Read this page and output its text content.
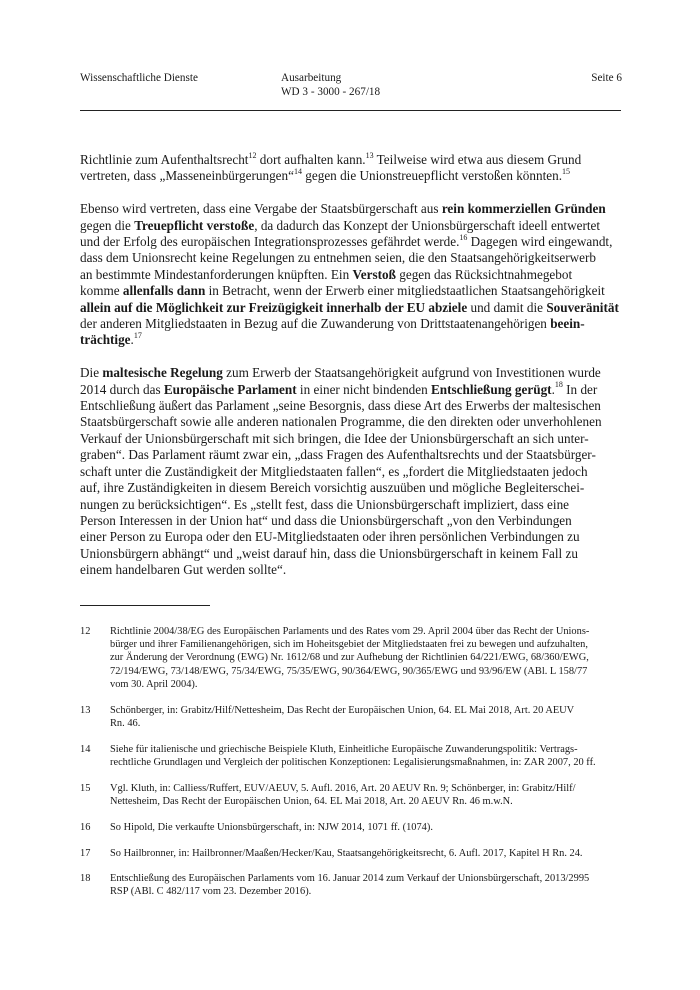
Wissenschaftliche Dienste	Ausarbeitung
WD 3 - 3000 - 267/18
Seite 6

Richtlinie zum Aufenthaltsrecht$^{12}$ dort aufhalten kann.$^{13}$ Teilweise wird etwa aus diesem Grund
vertreten, dass „Masseneinbürgerungen“$^{14}$ gegen die Unionstreuepflicht verstoßen könnten.$^{15}$

Ebenso wird vertreten, dass eine Vergabe der Staatsbürgerschaft aus rein kommerziellen Gründen
gegen die Treuepflicht verstoße, da dadurch das Konzept der Unionsbürgerschaft ideell entwertet
und der Erfolg des europäischen Integrationsprozesses gefährdet werde.$^{16}$ Dagegen wird eingewandt,
dass dem Unionsrecht keine Regelungen zu entnehmen seien, die den Staatsangehörigkeitserwerb
an bestimmte Mindestanforderungen knüpften. Ein Verstoß gegen das Rücksichtnahmegebot
komme allenfalls dann in Betracht, wenn der Erwerb einer mitgliedstaatlichen Staatsangehörigkeit
allein auf die Möglichkeit zur Freizügigkeit innerhalb der EU abziele und damit die Souveränität
der anderen Mitgliedstaaten in Bezug auf die Zuwanderung von Drittstaatenangehörigen beein-
trächtige.$^{17}$

Die maltesische Regelung zum Erwerb der Staatsangehörigkeit aufgrund von Investitionen wurde
2014 durch das Europäische Parlament in einer nicht bindenden Entschließung gerügt.$^{18}$ In der
Entschließung äußert das Parlament „seine Besorgnis, dass diese Art des Erwerbs der maltesischen
Staatsbürgerschaft sowie alle anderen nationalen Programme, die den direkten oder unverhohlenen
Verkauf der Unionsbürgerschaft mit sich bringen, die Idee der Unionsbürgerschaft an sich unter-
graben“. Das Parlament räumt zwar ein, „dass Fragen des Aufenthaltsrechts und der Staatsbürger-
schaft unter die Zuständigkeit der Mitgliedstaaten fallen“, es „fordert die Mitgliedstaaten jedoch
auf, ihre Zuständigkeiten in diesem Bereich vorsichtig auszuüben und mögliche Begleiterschei-
nungen zu berücksichtigen“. Es „stellt fest, dass die Unionsbürgerschaft impliziert, dass eine
Person Interessen in der Union hat“ und dass die Unionsbürgerschaft „von den Verbindungen
einer Person zu Europa oder den EU-Mitgliedstaaten oder ihren persönlichen Verbindungen zu
Unionsbürgern abhängt“ und „weist darauf hin, dass die Unionsbürgerschaft in keinem Fall zu
einem handelbaren Gut werden sollte“.

12	Richtlinie 2004/38/EG des Europäischen Parlaments und des Rates vom 29. April 2004 über das Recht der Unions-
bürger und ihrer Familienangehörigen, sich im Hoheitsgebiet der Mitgliedstaaten frei zu bewegen und aufzuhalten,
zur Änderung der Verordnung (EWG) Nr. 1612/68 und zur Aufhebung der Richtlinien 64/221/EWG, 68/360/EWG,
72/194/EWG, 73/148/EWG, 75/34/EWG, 75/35/EWG, 90/364/EWG, 90/365/EWG und 93/96/EW (ABl. L 158/77
vom 30. April 2004).
13	Schönberger, in: Grabitz/Hilf/Nettesheim, Das Recht der Europäischen Union, 64. EL Mai 2018, Art. 20 AEUV
Rn. 46.
14	Siehe für italienische und griechische Beispiele Kluth, Einheitliche Europäische Zuwanderungspolitik: Vertrags-
rechtliche Grundlagen und Vergleich der politischen Konzeptionen: Legalisierungsmaßnahmen, in: ZAR 2007, 20 ff.
15	Vgl. Kluth, in: Calliess/Ruffert, EUV/AEUV, 5. Aufl. 2016, Art. 20 AEUV Rn. 9; Schönberger, in: Grabitz/Hilf/
Nettesheim, Das Recht der Europäischen Union, 64. EL Mai 2018, Art. 20 AEUV Rn. 46 m.w.N.
16	So Hipold, Die verkaufte Unionsbürgerschaft, in: NJW 2014, 1071 ff. (1074).
17	So Hailbronner, in: Hailbronner/Maaßen/Hecker/Kau, Staatsangehörigkeitsrecht, 6. Aufl. 2017, Kapitel H Rn. 24.
18	Entschließung des Europäischen Parlaments vom 16. Januar 2014 zum Verkauf der Unionsbürgerschaft, 2013/2995
RSP (ABl. C 482/117 vom 23. Dezember 2016).
